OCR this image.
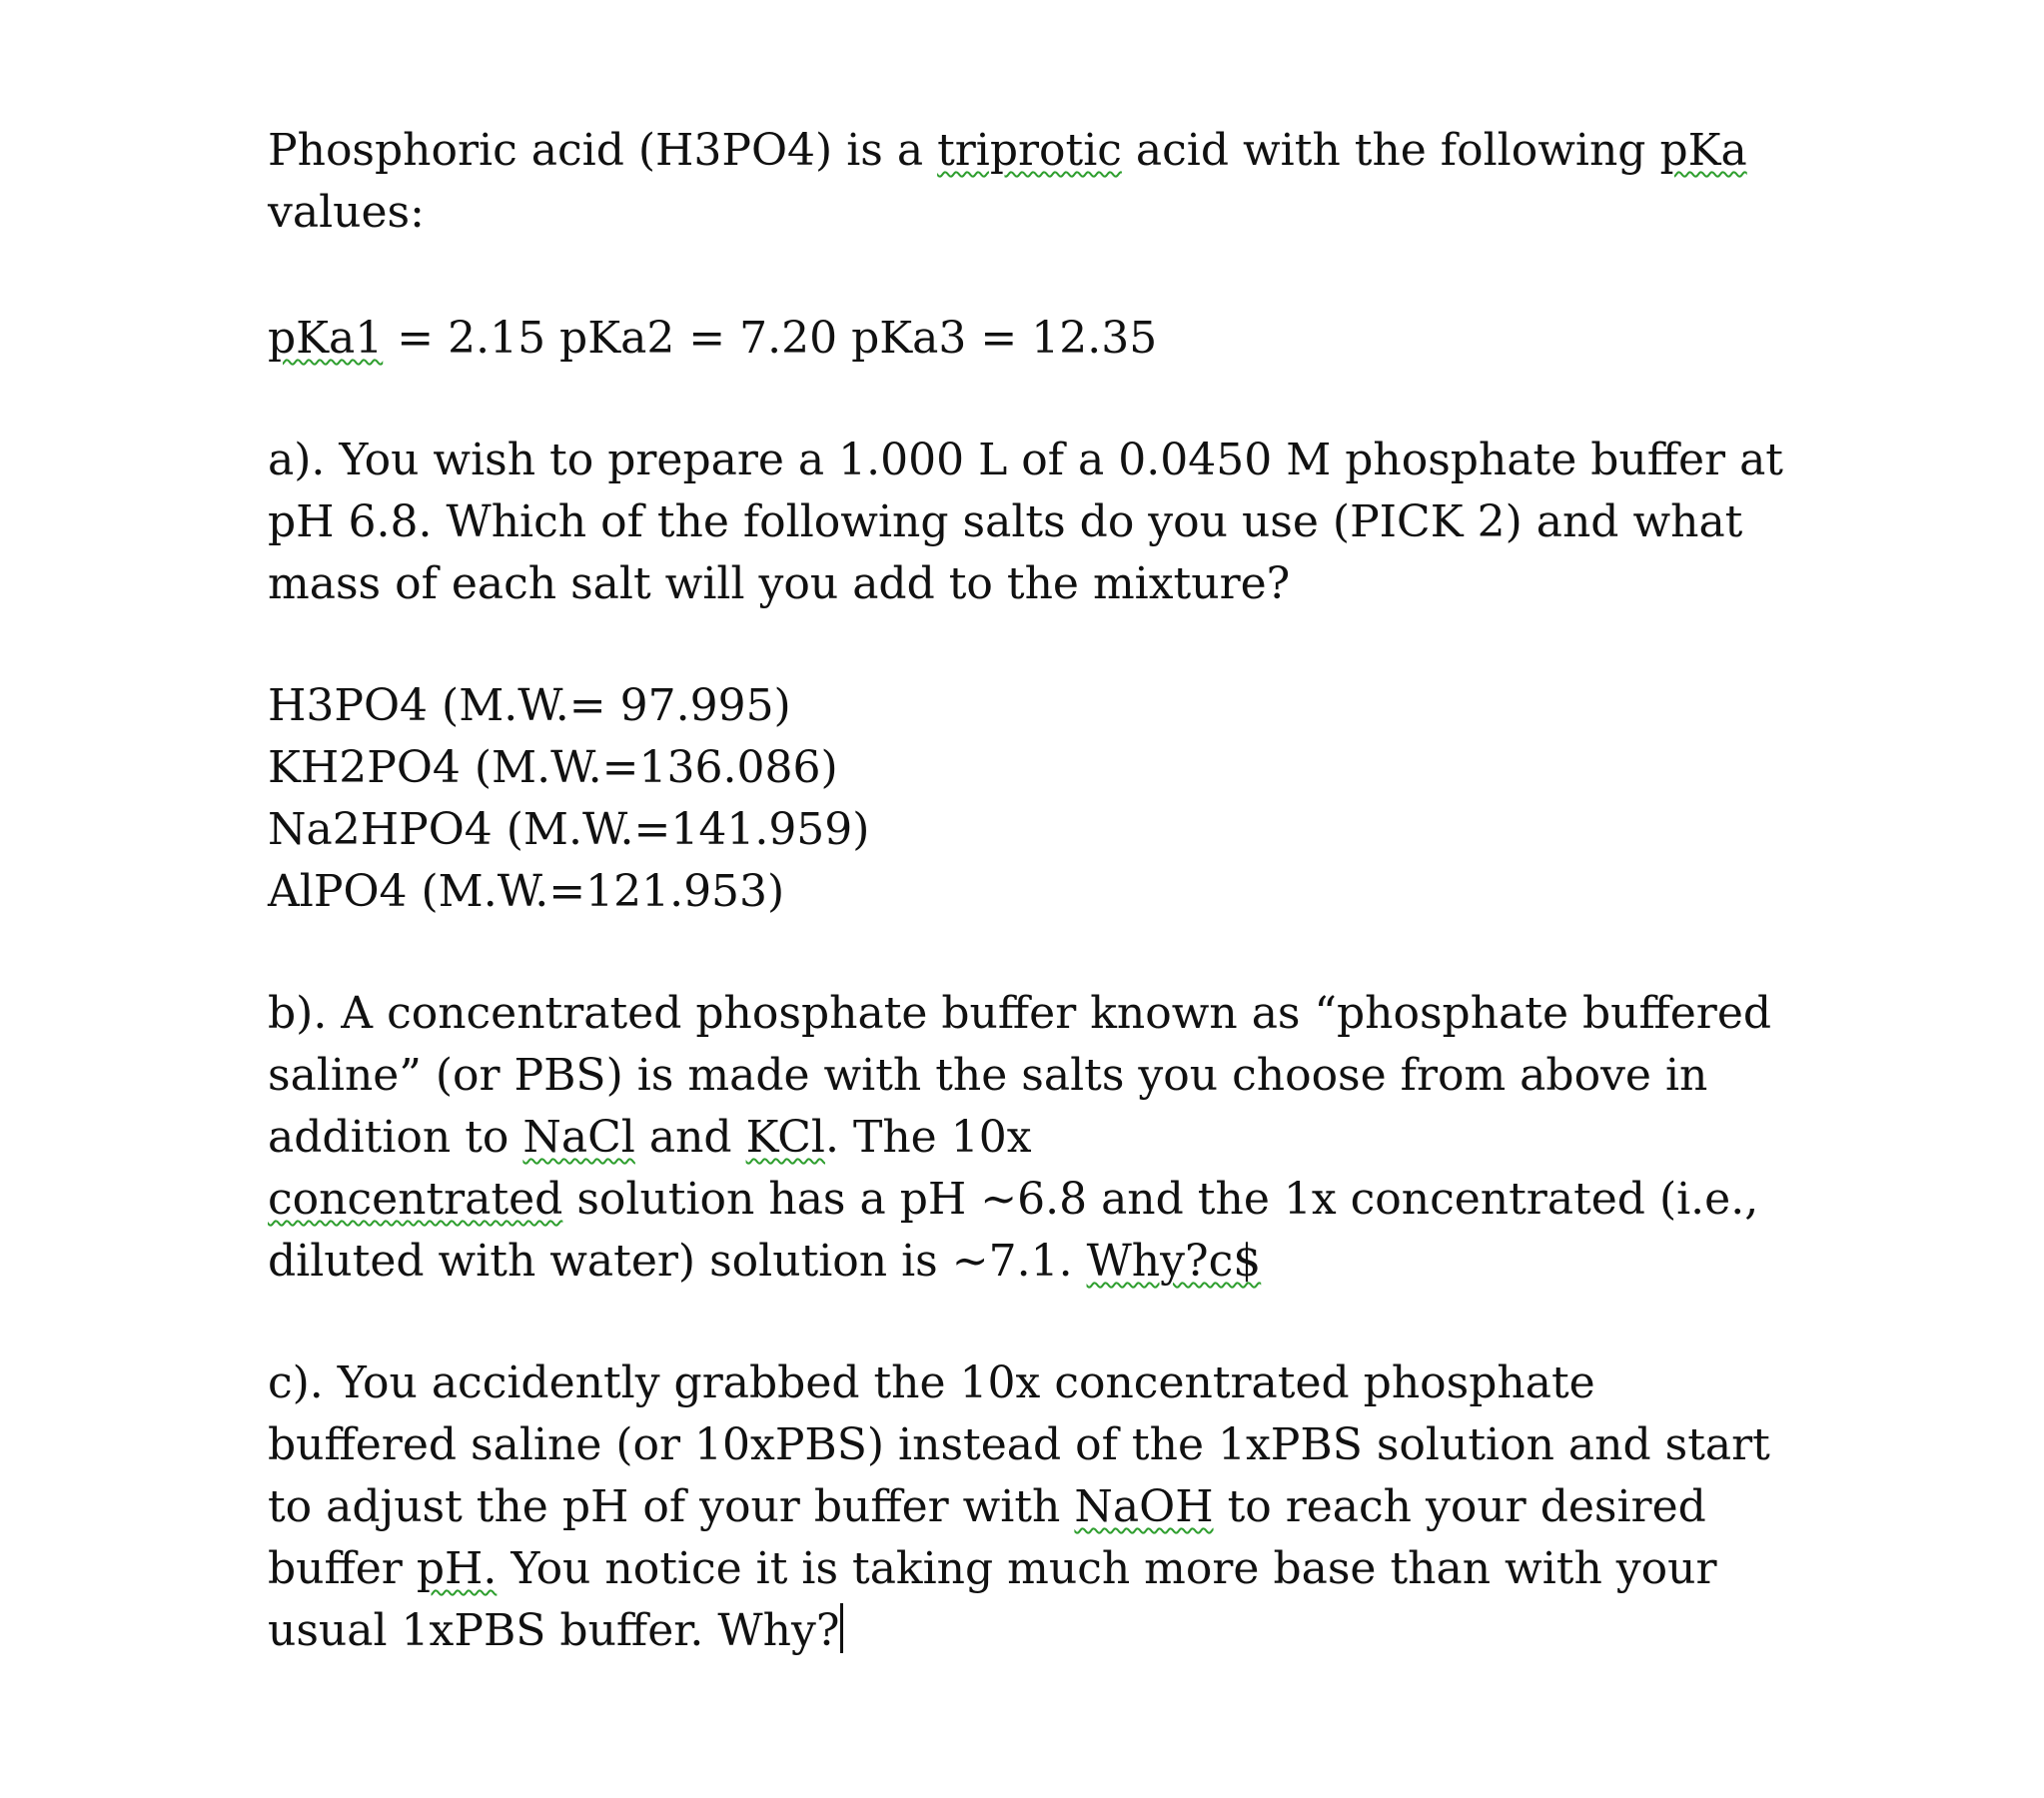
Phosphoric acid (H3PO4) is a triprotic acid with the following pKa
values:

pKa1 = 2.15 pKa2 = 7.20 pKa3 = 12.35

a). You wish to prepare a 1.000 L of a 0.0450 M phosphate buffer at
pH 6.8. Which of the following salts do you use (PICK 2) and what
mass of each salt will you add to the mixture?

H3PO4 (M.W.= 97.995)
KH2PO4 (M.W.=136.086)
Na2HPO4 (M.W.=141.959)
AlPO4 (M.W.=121.953)

b). A concentrated phosphate buffer known as “phosphate buffered
saline” (or PBS) is made with the salts you choose from above in
addition to NaCl and KCl. The 10x
concentrated solution has a pH ~6.8 and the 1x concentrated (i.e.,
diluted with water) solution is ~7.1. Why?c$

c). You accidently grabbed the 10x concentrated phosphate
buffered saline (or 10xPBS) instead of the 1xPBS solution and start
to adjust the pH of your buffer with NaOH to reach your desired
buffer pH. You notice it is taking much more base than with your
usual 1xPBS buffer. Why?
